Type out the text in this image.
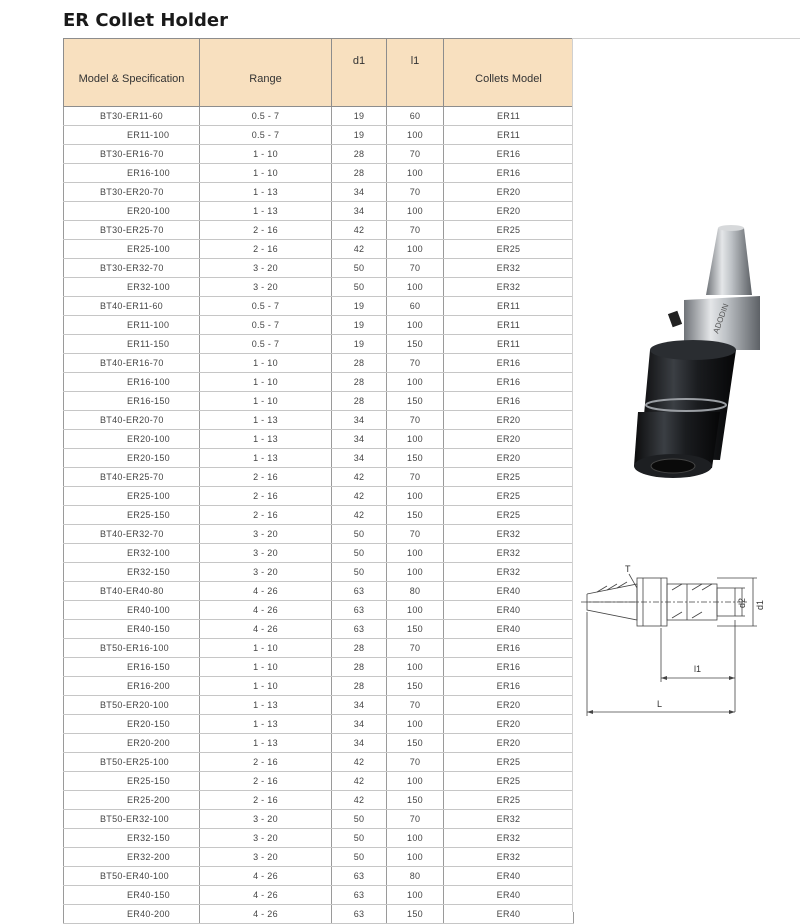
ER Collet Holder
Model & Specification	Range	d1	l1	Collets Model
BT30-ER11-60	0.5 - 7	19	60	ER11
ER11-100	0.5 - 7	19	100	ER11
BT30-ER16-70	1 - 10	28	70	ER16
ER16-100	1 - 10	28	100	ER16
BT30-ER20-70	1 - 13	34	70	ER20
ER20-100	1 - 13	34	100	ER20
BT30-ER25-70	2 - 16	42	70	ER25
ER25-100	2 - 16	42	100	ER25
BT30-ER32-70	3 - 20	50	70	ER32
ER32-100	3 - 20	50	100	ER32
BT40-ER11-60	0.5 - 7	19	60	ER11
ER11-100	0.5 - 7	19	100	ER11
ER11-150	0.5 - 7	19	150	ER11
BT40-ER16-70	1 - 10	28	70	ER16
ER16-100	1 - 10	28	100	ER16
ER16-150	1 - 10	28	150	ER16
BT40-ER20-70	1 - 13	34	70	ER20
ER20-100	1 - 13	34	100	ER20
ER20-150	1 - 13	34	150	ER20
BT40-ER25-70	2 - 16	42	70	ER25
ER25-100	2 - 16	42	100	ER25
ER25-150	2 - 16	42	150	ER25
BT40-ER32-70	3 - 20	50	70	ER32
ER32-100	3 - 20	50	100	ER32
ER32-150	3 - 20	50	100	ER32
BT40-ER40-80	4 - 26	63	80	ER40
ER40-100	4 - 26	63	100	ER40
ER40-150	4 - 26	63	150	ER40
BT50-ER16-100	1 - 10	28	70	ER16
ER16-150	1 - 10	28	100	ER16
ER16-200	1 - 10	28	150	ER16
BT50-ER20-100	1 - 13	34	70	ER20
ER20-150	1 - 13	34	100	ER20
ER20-200	1 - 13	34	150	ER20
BT50-ER25-100	2 - 16	42	70	ER25
ER25-150	2 - 16	42	100	ER25
ER25-200	2 - 16	42	150	ER25
BT50-ER32-100	3 - 20	50	70	ER32
ER32-150	3 - 20	50	100	ER32
ER32-200	3 - 20	50	100	ER32
BT50-ER40-100	4 - 26	63	80	ER40
ER40-150	4 - 26	63	100	ER40
ER40-200	4 - 26	63	150	ER40
ADODIN
T
d2 d1
l1
L
